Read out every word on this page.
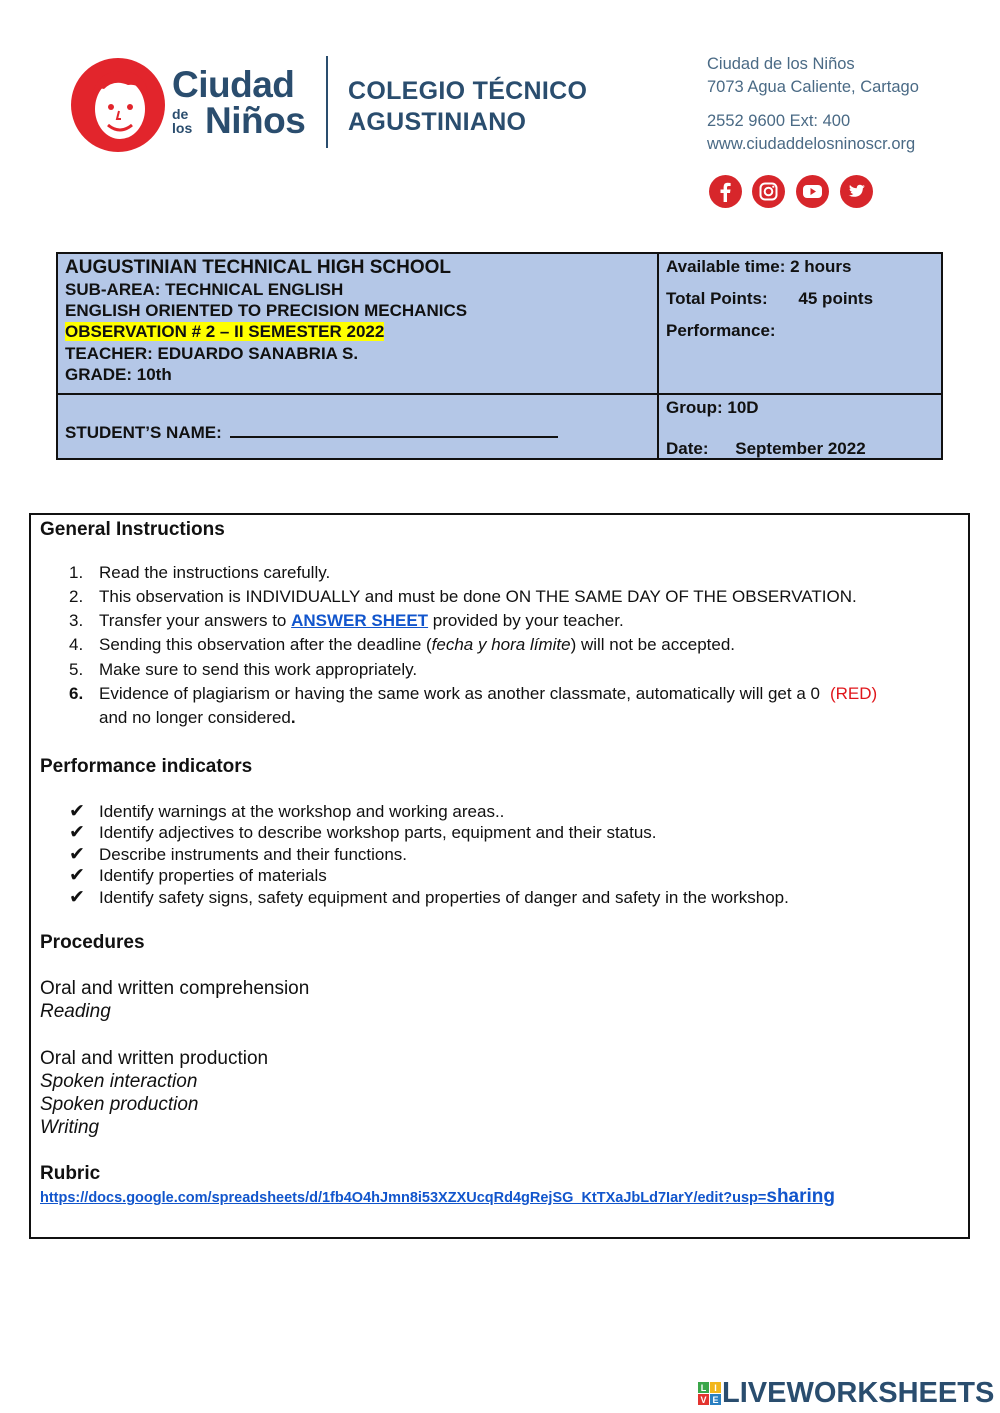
Ciudad
de
los Niños
COLEGIO TÉCNICO
AGUSTINIANO
Ciudad de los Niños
7073 Agua Caliente, Cartago
2552 9600 Ext: 400
www.ciudaddelosninoscr.org
AUGUSTINIAN TECHNICAL HIGH SCHOOL
SUB-AREA: TECHNICAL ENGLISH
ENGLISH ORIENTED TO PRECISION MECHANICS
OBSERVATION # 2 – II SEMESTER 2022
TEACHER: EDUARDO SANABRIA S.
GRADE: 10th
Available time: 2 hours
Total Points: 45 points
Performance:
STUDENT’S NAME:
Group: 10D
Date: September 2022
General Instructions
1. Read the instructions carefully.
2. This observation is INDIVIDUALLY and must be done ON THE SAME DAY OF THE OBSERVATION.
3. Transfer your answers to ANSWER SHEET provided by your teacher.
4. Sending this observation after the deadline (fecha y hora límite) will not be accepted.
5. Make sure to send this work appropriately.
6. Evidence of plagiarism or having the same work as another classmate, automatically will get a 0 (RED)
and no longer considered.
Performance indicators
✔ Identify warnings at the workshop and working areas..
✔ Identify adjectives to describe workshop parts, equipment and their status.
✔ Describe instruments and their functions.
✔ Identify properties of materials
✔ Identify safety signs, safety equipment and properties of danger and safety in the workshop.
Procedures
Oral and written comprehension
Reading
Oral and written production
Spoken interaction
Spoken production
Writing
Rubric
https://docs.google.com/spreadsheets/d/1fb4O4hJmn8i53XZXUcqRd4gRejSG_KtTXaJbLd7IarY/edit?usp=sharing
L I
V E LIVEWORKSHEETS
